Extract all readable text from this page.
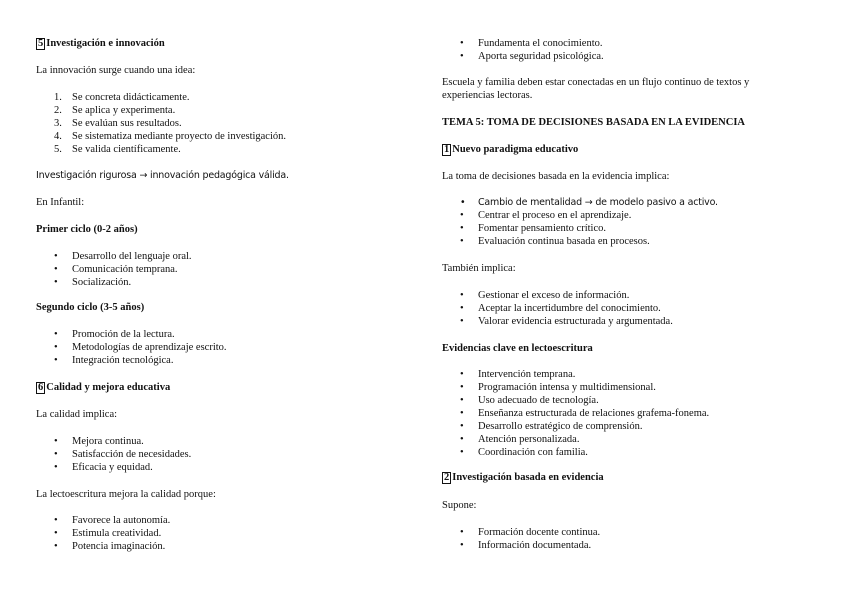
5 Investigación e innovación
La innovación surge cuando una idea:
1. Se concreta didácticamente.
2. Se aplica y experimenta.
3. Se evalúan sus resultados.
4. Se sistematiza mediante proyecto de investigación.
5. Se valida científicamente.
Investigación rigurosa → innovación pedagógica válida.
En Infantil:
Primer ciclo (0-2 años)
• Desarrollo del lenguaje oral.
• Comunicación temprana.
• Socialización.
Segundo ciclo (3-5 años)
• Promoción de la lectura.
• Metodologías de aprendizaje escrito.
• Integración tecnológica.
6 Calidad y mejora educativa
La calidad implica:
• Mejora continua.
• Satisfacción de necesidades.
• Eficacia y equidad.
La lectoescritura mejora la calidad porque:
• Favorece la autonomía.
• Estimula creatividad.
• Potencia imaginación.
• Fundamenta el conocimiento.
• Aporta seguridad psicológica.
Escuela y familia deben estar conectadas en un flujo continuo de textos y experiencias lectoras.
TEMA 5: TOMA DE DECISIONES BASADA EN LA EVIDENCIA
1 Nuevo paradigma educativo
La toma de decisiones basada en la evidencia implica:
• Cambio de mentalidad → de modelo pasivo a activo.
• Centrar el proceso en el aprendizaje.
• Fomentar pensamiento crítico.
• Evaluación continua basada en procesos.
También implica:
• Gestionar el exceso de información.
• Aceptar la incertidumbre del conocimiento.
• Valorar evidencia estructurada y argumentada.
Evidencias clave en lectoescritura
• Intervención temprana.
• Programación intensa y multidimensional.
• Uso adecuado de tecnología.
• Enseñanza estructurada de relaciones grafema-fonema.
• Desarrollo estratégico de comprensión.
• Atención personalizada.
• Coordinación con familia.
2 Investigación basada en evidencia
Supone:
• Formación docente continua.
• Información documentada.
